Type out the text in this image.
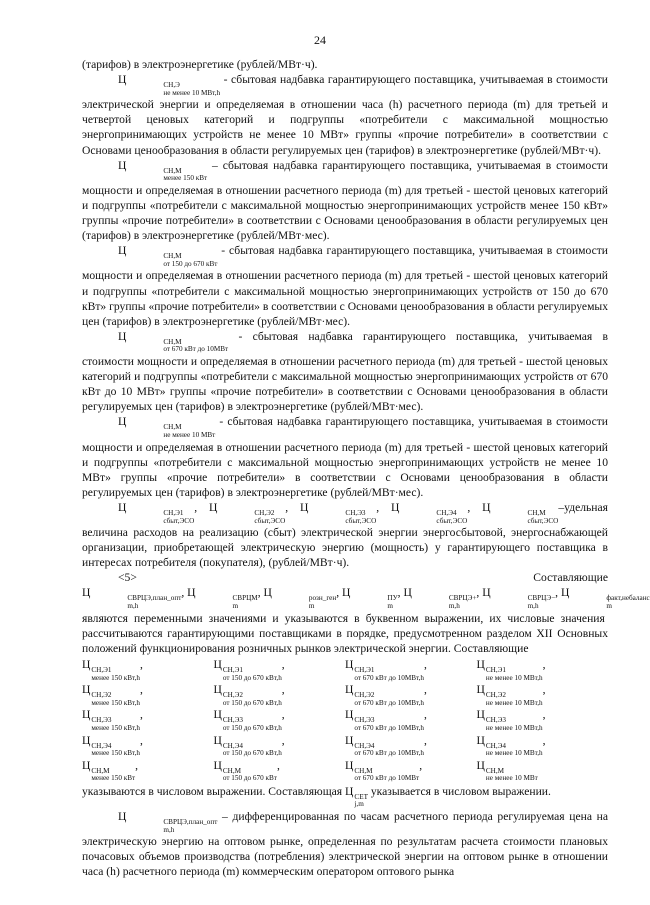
24

(тарифов) в электроэнергетике (рублей/МВт·ч).

Ц	СН,Э
не менее 10 МВт,h
- сбытовая надбавка гарантирующего поставщика, учитываемая в стоимости электрической энергии и определяемая в отношении часа (h) расчетного периода (m) для третьей и четвертой ценовых категорий и подгруппы «потребители с максимальной мощностью энергопринимающих устройств не менее 10 МВт» группы «прочие потребители» в соответствии с Основами ценообразования в области регулируемых цен (тарифов) в электроэнергетике (рублей/МВт·ч).

Ц	СН,М
менее 150 кВт
– сбытовая надбавка гарантирующего поставщика, учитываемая в стоимости мощности и определяемая в отношении расчетного периода (m) для третьей - шестой ценовых категорий и подгруппы «потребители с максимальной мощностью энергопринимающих устройств менее 150 кВт» группы «прочие потребители» в соответствии с Основами ценообразования в области регулируемых цен (тарифов) в электроэнергетике (рублей/МВт·мес).

Ц	СН,М
от 150 до 670 кВт
- сбытовая надбавка гарантирующего поставщика, учитываемая в стоимости мощности и определяемая в отношении расчетного периода (m) для третьей - шестой ценовых категорий и подгруппы «потребители с максимальной мощностью энергопринимающих устройств от 150 до 670 кВт» группы «прочие потребители» в соответствии с Основами ценообразования в области регулируемых цен (тарифов) в электроэнергетике (рублей/МВт·мес).

Ц	СН,М
от 670 кВт до 10МВт
- сбытовая надбавка гарантирующего поставщика, учитываемая в стоимости мощности и определяемая в отношении расчетного периода (m) для третьей - шестой ценовых категорий и подгруппы «потребители с максимальной мощностью энергопринимающих устройств от 670 кВт до 10 МВт» группы «прочие потребители» в соответствии с Основами ценообразования в области регулируемых цен (тарифов) в электроэнергетике (рублей/МВт·мес).

Ц	СН,М
не менее 10 МВт
- сбытовая надбавка гарантирующего поставщика, учитываемая в стоимости мощности и определяемая в отношении расчетного периода (m) для третьей - шестой ценовых категорий и подгруппы «потребители с максимальной мощностью энергопринимающих устройств не менее 10 МВт» группы «прочие потребители» в соответствии с Основами ценообразования в области регулируемых цен (тарифов) в электроэнергетике (рублей/МВт·мес).

Ц	СН,Э1
сбыт,ЭСО
, Ц	СН,Э2
сбыт,ЭСО
, Ц	СН,Э3
сбыт,ЭСО
, Ц	СН,Э4
сбыт,ЭСО
, Ц	СН,М
сбыт,ЭСО
–удельная величина расходов на реализацию (сбыт) электрической энергии энергосбытовой, энергоснабжающей организации, приобретающей электрическую энергию (мощность) у гарантирующего поставщика в интересах потребителя (покупателя), (рублей/МВт·ч).

<5> Составляющие Ц	СВРЦЭ,план_опт
m,h
, Ц	СВРЦМ
m
, Ц	розн_ген
m
, Ц	ПУ
m
, Ц	СВРЦЭ+
m,h
, Ц	СВРЦЭ−
m,h
, Ц	факт,небаланс
m
являются переменными значениями и указываются в буквенном выражении, их числовые значения рассчитываются гарантирующими поставщиками в порядке, предусмотренном разделом XII Основных положений функционирования розничных рынков электрической энергии. Составляющие

Ц СН,Э1
менее 150 кВт,h
,	Ц СН,Э1
от 150 до 670 кВт,h
,	Ц СН,Э1
от 670 кВт до 10МВт,h
,	Ц СН,Э1
не менее 10 МВт,h
,
Ц СН,Э2
менее 150 кВт,h
,	Ц СН,Э2
от 150 до 670 кВт,h
,	Ц СН,Э2
от 670 кВт до 10МВт,h
,	Ц СН,Э2
не менее 10 МВт,h
,
Ц СН,Э3
менее 150 кВт,h
,	Ц СН,Э3
от 150 до 670 кВт,h
,	Ц СН,Э3
от 670 кВт до 10МВт,h
,	Ц СН,Э3
не менее 10 МВт,h
,
Ц СН,Э4
менее 150 кВт,h
,	Ц СН,Э4
от 150 до 670 кВт,h
,	Ц СН,Э4
от 670 кВт до 10МВт,h
,	Ц СН,Э4
не менее 10 МВт,h
,
Ц СН,М
менее 150 кВт
,	Ц СН,М
от 150 до 670 кВт
,	Ц СН,М
от 670 кВт до 10МВт
,	Ц СН,М
не менее 10 МВт

указываются в числовом выражении. Составляющая Ц СЕТ
j,m
указывается в числовом выражении.

Ц	СВРЦЭ,план_опт
m,h
– дифференцированная по часам расчетного периода регулируемая цена на электрическую энергию на оптовом рынке, определенная по результатам расчета стоимости плановых почасовых объемов производства (потребления) электрической энергии на оптовом рынке в отношении часа (h) расчетного периода (m) коммерческим оператором оптового рынка
